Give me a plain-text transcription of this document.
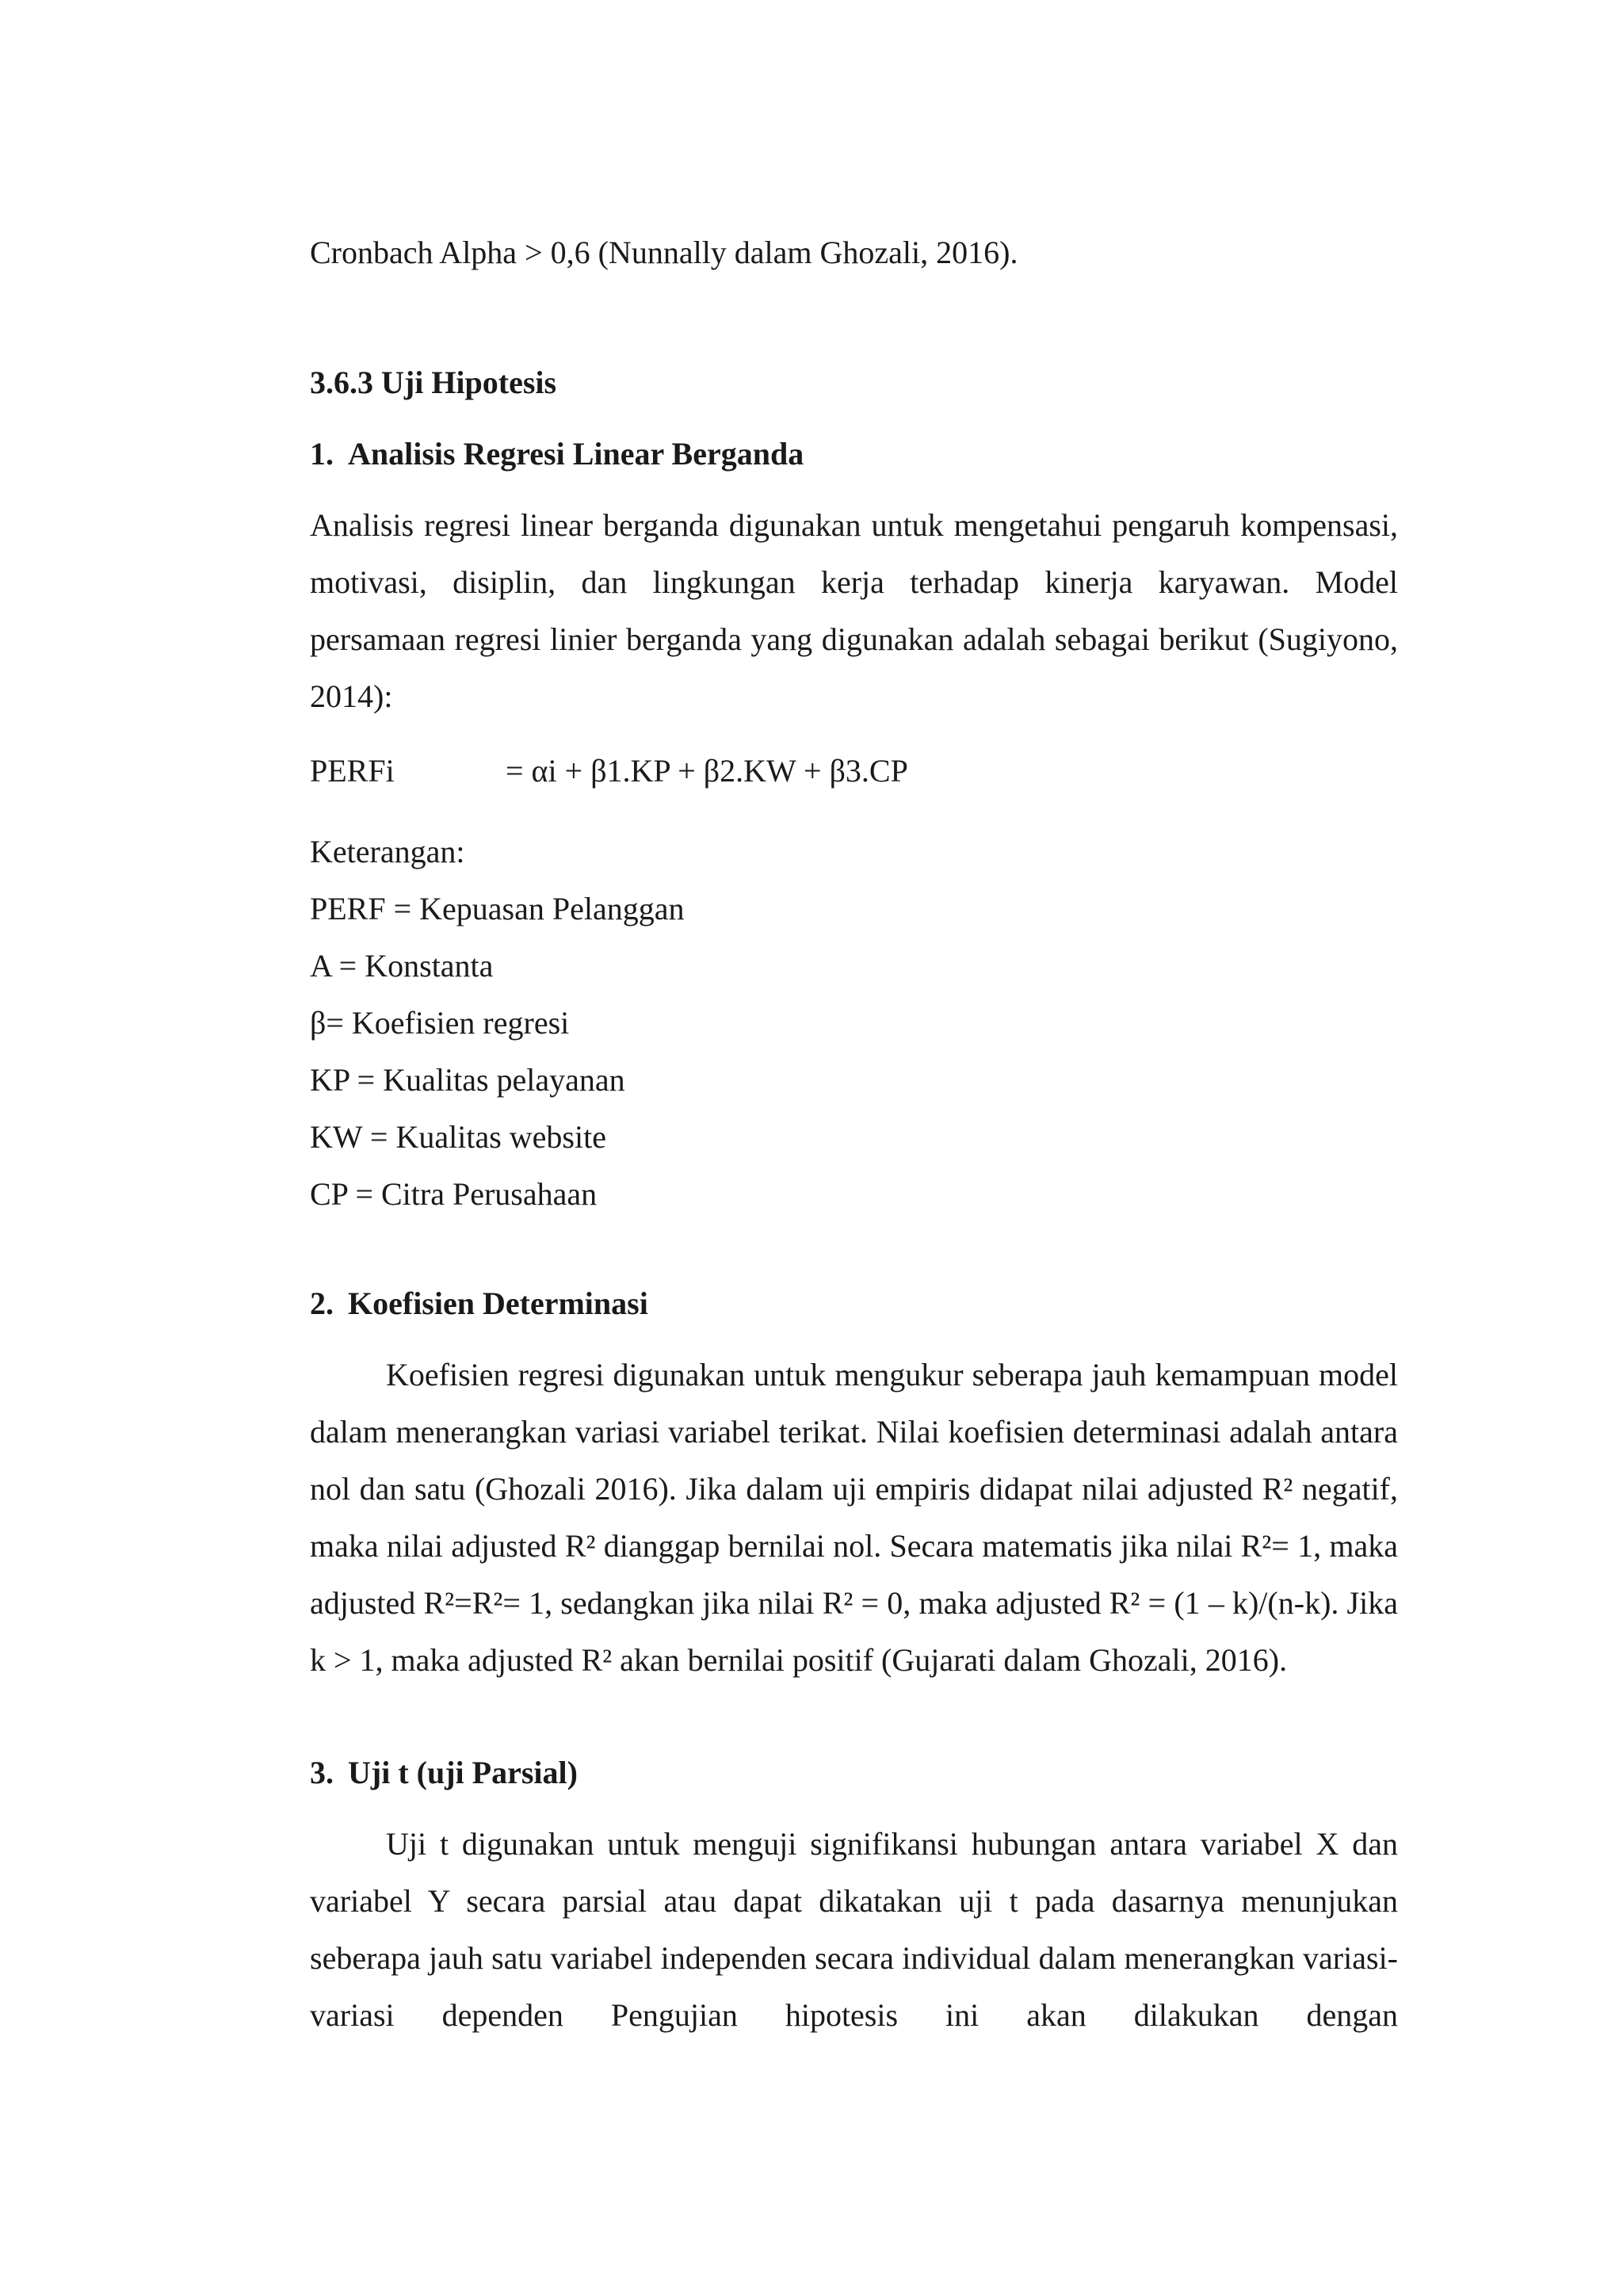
Cronbach Alpha > 0,6 (Nunnally dalam Ghozali, 2016).

3.6.3 Uji Hipotesis

1. Analisis Regresi Linear Berganda

Analisis regresi linear berganda digunakan untuk mengetahui pengaruh kompensasi, motivasi, disiplin, dan lingkungan kerja terhadap kinerja karyawan. Model persamaan regresi linier berganda yang digunakan adalah sebagai berikut (Sugiyono, 2014):

PERFi	= αi + β1.KP + β2.KW + β3.CP

Keterangan:
PERF = Kepuasan Pelanggan
A = Konstanta
β= Koefisien regresi
KP = Kualitas pelayanan
KW = Kualitas website
CP = Citra Perusahaan

2. Koefisien Determinasi

Koefisien regresi digunakan untuk mengukur seberapa jauh kemampuan model dalam menerangkan variasi variabel terikat. Nilai koefisien determinasi adalah antara nol dan satu (Ghozali 2016). Jika dalam uji empiris didapat nilai adjusted R² negatif, maka nilai adjusted R² dianggap bernilai nol. Secara matematis jika nilai R²= 1, maka adjusted R²=R²= 1, sedangkan jika nilai R² = 0, maka adjusted R² = (1 – k)/(n-k). Jika k > 1, maka adjusted R² akan bernilai positif (Gujarati dalam Ghozali, 2016).

3. Uji t (uji Parsial)

Uji t digunakan untuk menguji signifikansi hubungan antara variabel X dan variabel Y secara parsial atau dapat dikatakan uji t pada dasarnya menunjukan seberapa jauh satu variabel independen secara individual dalam menerangkan variasi-variasi dependen Pengujian hipotesis ini akan dilakukan dengan
